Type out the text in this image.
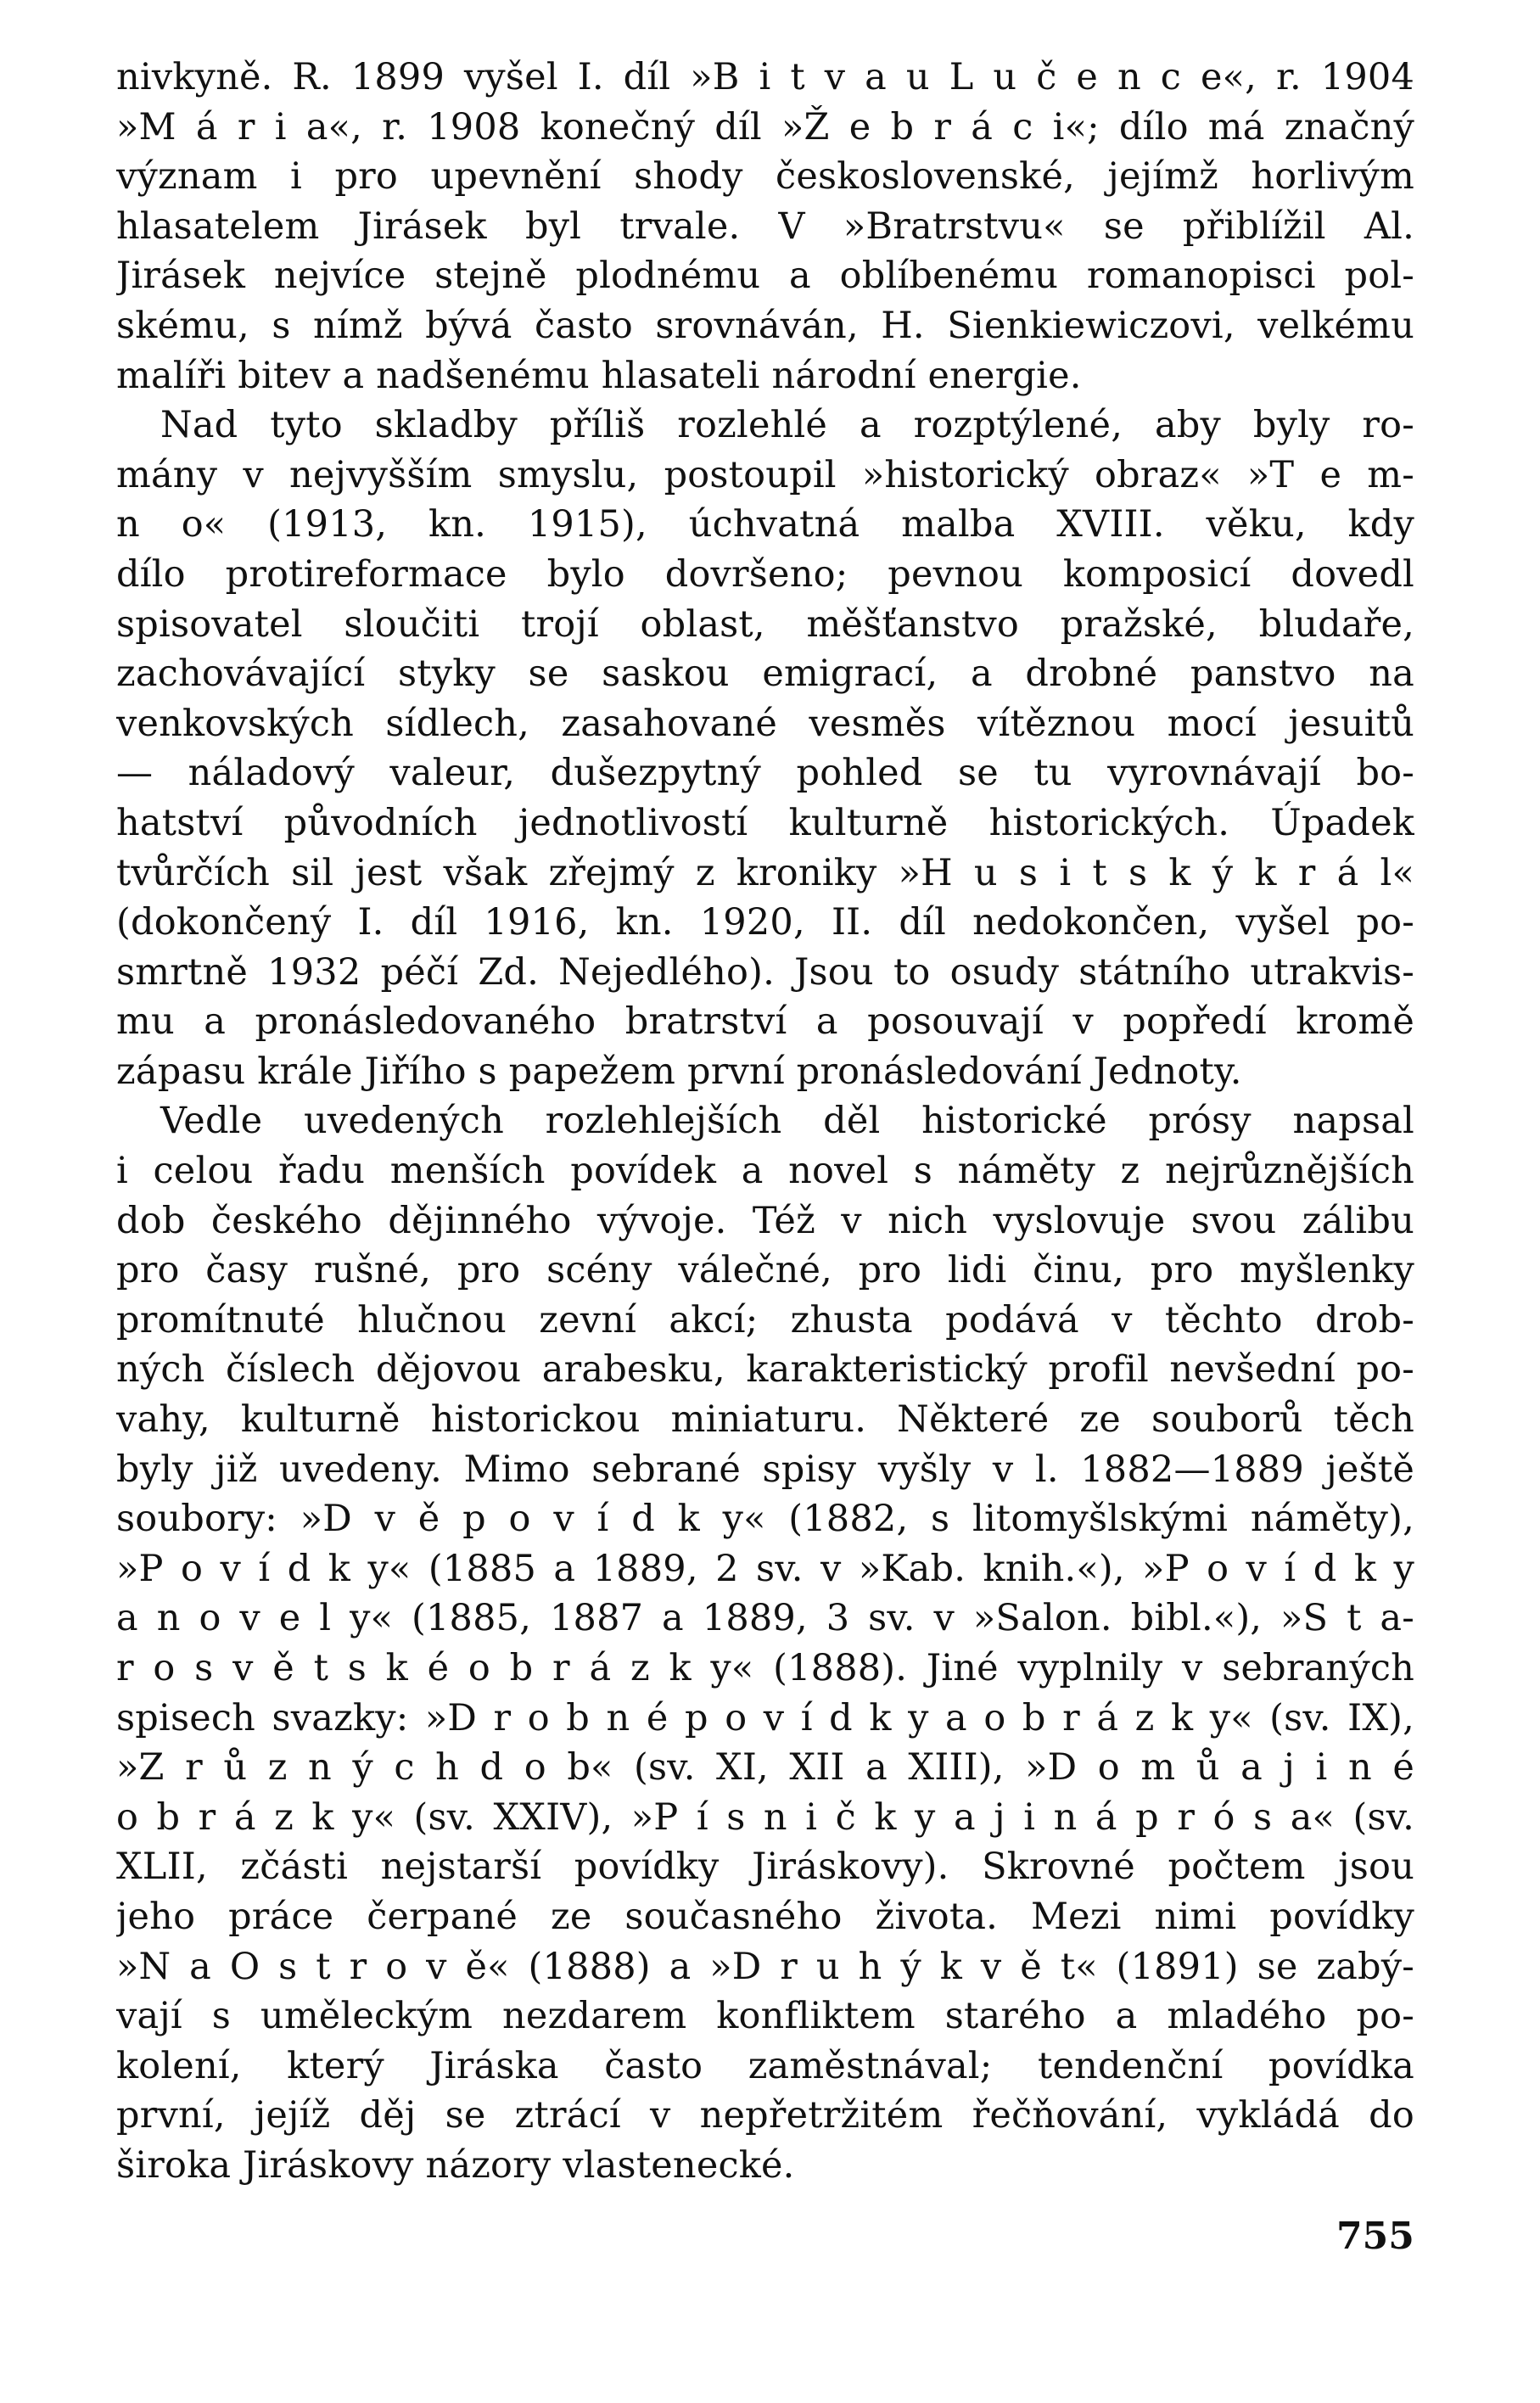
nivkyně. R. 1899 vyšel I. díl »B i t v a u L u č e n c e«, r. 1904
»M á r i a«, r. 1908 konečný díl »Ž e b r á c i«; dílo má značný
význam i pro upevnění shody československé, jejímž horlivým
hlasatelem Jirásek byl trvale. V »Bratrstvu« se přiblížil Al.
Jirásek nejvíce stejně plodnému a oblíbenému romanopisci pol-
skému, s nímž bývá často srovnáván, H. Sienkiewiczovi, velkému
malíři bitev a nadšenému hlasateli národní energie.
Nad tyto skladby příliš rozlehlé a rozptýlené, aby byly ro-
mány v nejvyšším smyslu, postoupil »historický obraz« »T e m-
n o« (1913, kn. 1915), úchvatná malba XVIII. věku, kdy
dílo protireformace bylo dovršeno; pevnou komposicí dovedl
spisovatel sloučiti trojí oblast, měšťanstvo pražské, bludaře,
zachovávající styky se saskou emigrací, a drobné panstvo na
venkovských sídlech, zasahované vesměs vítěznou mocí jesuitů
— náladový valeur, dušezpytný pohled se tu vyrovnávají bo-
hatství původních jednotlivostí kulturně historických. Úpadek
tvůrčích sil jest však zřejmý z kroniky »H u s i t s k ý k r á l«
(dokončený I. díl 1916, kn. 1920, II. díl nedokončen, vyšel po-
smrtně 1932 péčí Zd. Nejedlého). Jsou to osudy státního utrakvis-
mu a pronásledovaného bratrství a posouvají v popředí kromě
zápasu krále Jiřího s papežem první pronásledování Jednoty.
Vedle uvedených rozlehlejších děl historické prósy napsal
i celou řadu menších povídek a novel s náměty z nejrůznějších
dob českého dějinného vývoje. Též v nich vyslovuje svou zálibu
pro časy rušné, pro scény válečné, pro lidi činu, pro myšlenky
promítnuté hlučnou zevní akcí; zhusta podává v těchto drob-
ných číslech dějovou arabesku, karakteristický profil nevšední po-
vahy, kulturně historickou miniaturu. Některé ze souborů těch
byly již uvedeny. Mimo sebrané spisy vyšly v l. 1882—1889 ještě
soubory: »D v ě p o v í d k y« (1882, s litomyšlskými náměty),
»P o v í d k y« (1885 a 1889, 2 sv. v »Kab. knih.«), »P o v í d k y
a n o v e l y« (1885, 1887 a 1889, 3 sv. v »Salon. bibl.«), »S t a-
r o s v ě t s k é o b r á z k y« (1888). Jiné vyplnily v sebraných
spisech svazky: »D r o b n é p o v í d k y a o b r á z k y« (sv. IX),
»Z r ů z n ý c h d o b« (sv. XI, XII a XIII), »D o m ů a j i n é
o b r á z k y« (sv. XXIV), »P í s n i č k y a j i n á p r ó s a« (sv.
XLII, zčásti nejstarší povídky Jiráskovy). Skrovné počtem jsou
jeho práce čerpané ze současného života. Mezi nimi povídky
»N a O s t r o v ě« (1888) a »D r u h ý k v ě t« (1891) se zabý-
vají s uměleckým nezdarem konfliktem starého a mladého po-
kolení, který Jiráska často zaměstnával; tendenční povídka
první, jejíž děj se ztrácí v nepřetržitém řečňování, vykládá do
široka Jiráskovy názory vlastenecké.
755
